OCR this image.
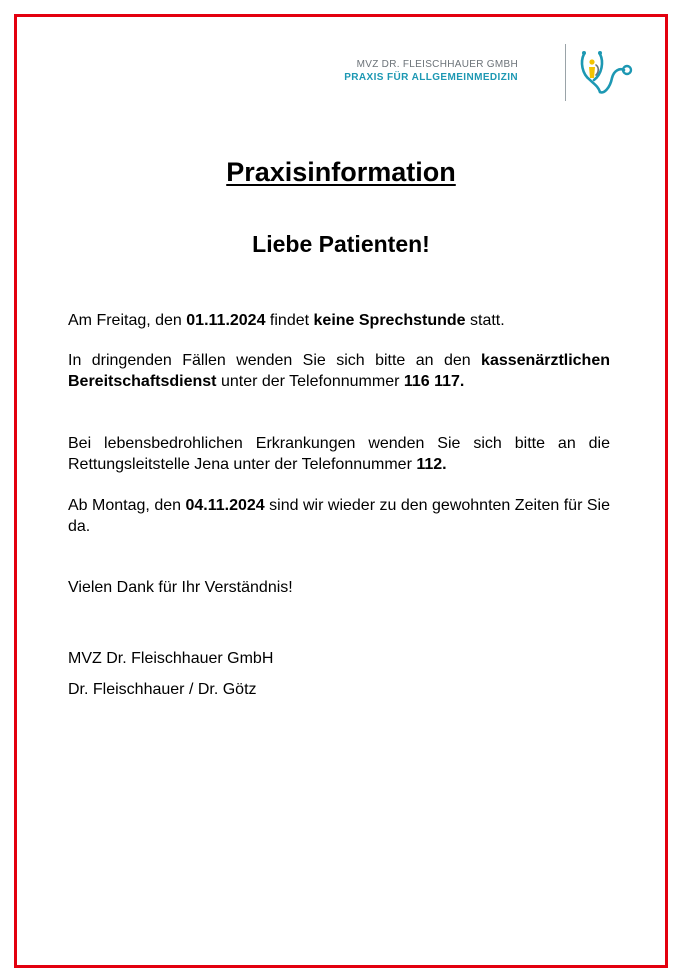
MVZ DR. FLEISCHHAUER GMBH
PRAXIS FÜR ALLGEMEINMEDIZIN
Praxisinformation
Liebe Patienten!

Am Freitag, den 01.11.2024 findet keine Sprechstunde statt.

In dringenden Fällen wenden Sie sich bitte an den kassenärztlichen Bereitschaftsdienst unter der Telefonnummer 116 117.

Bei lebensbedrohlichen Erkrankungen wenden Sie sich bitte an die Rettungsleitstelle Jena unter der Telefonnummer 112.

Ab Montag, den 04.11.2024 sind wir wieder zu den gewohnten Zeiten für Sie da.

Vielen Dank für Ihr Verständnis!

MVZ Dr. Fleischhauer GmbH

Dr. Fleischhauer / Dr. Götz
